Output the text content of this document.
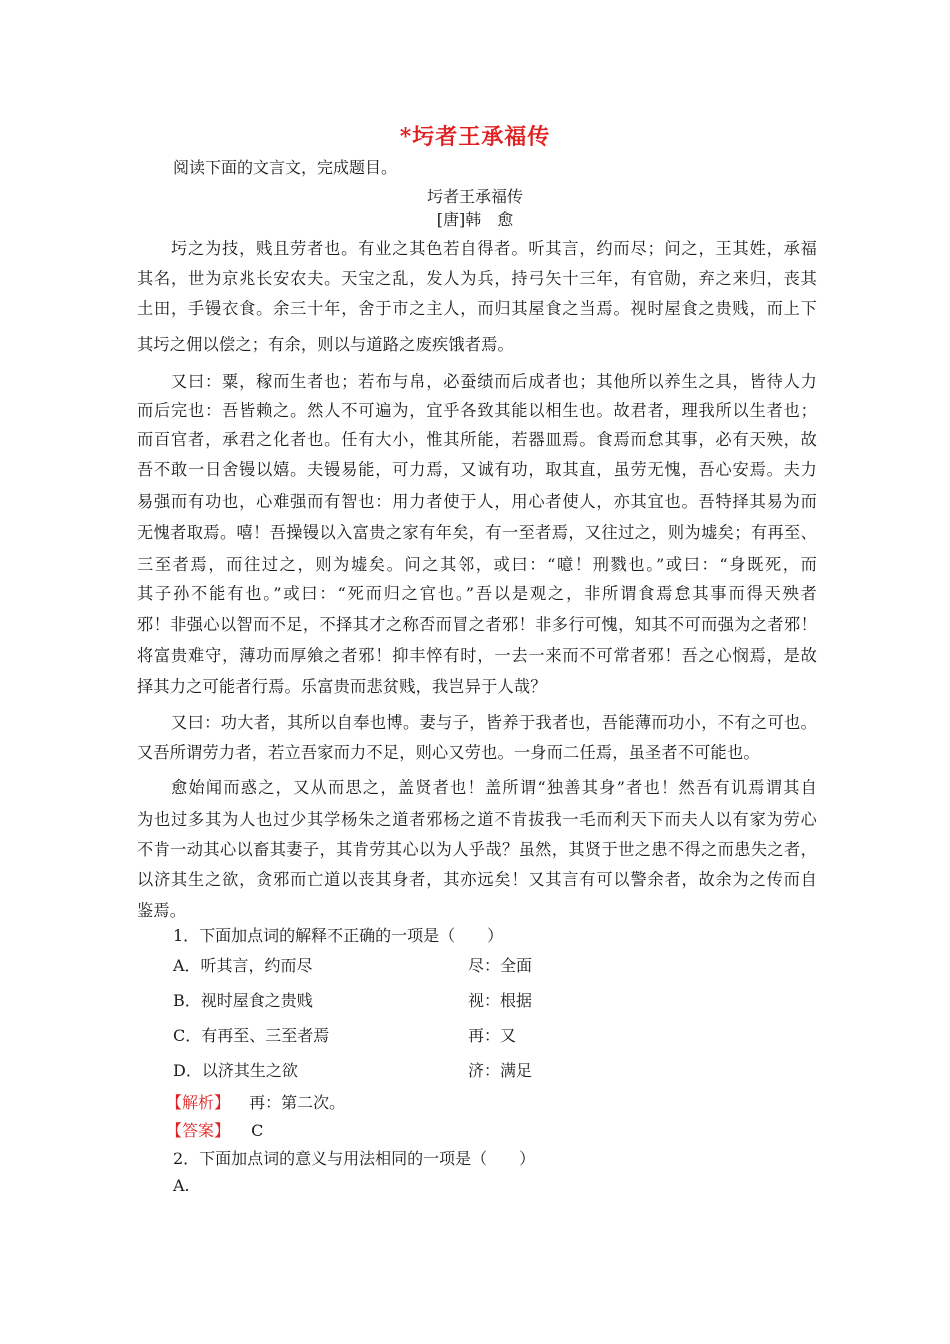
*圬者王承福传
阅读下面的文言文，完成题目。
圬者王承福传
[唐]韩　愈
圬之为技，贱且劳者也。有业之其色若自得者。听其言，约而尽；问之，王其姓，承福
其名，世为京兆长安农夫。天宝之乱，发人为兵，持弓矢十三年，有官勋，弃之来归，丧其
土田，手镘衣食。余三十年，舍于市之主人，而归其屋食之当焉。视时屋食之贵贱，而上下
其圬之佣以偿之；有余，则以与道路之废疾饿者焉。
又曰：粟，稼而生者也；若布与帛，必蚕绩而后成者也；其他所以养生之具，皆待人力
而后完也：吾皆赖之。然人不可遍为，宜乎各致其能以相生也。故君者，理我所以生者也；
而百官者，承君之化者也。任有大小，惟其所能，若器皿焉。食焉而怠其事，必有天殃，故
吾不敢一日舍镘以嬉。夫镘易能，可力焉，又诚有功，取其直，虽劳无愧，吾心安焉。夫力
易强而有功也，心难强而有智也：用力者使于人，用心者使人，亦其宜也。吾特择其易为而
无愧者取焉。嘻！吾操镘以入富贵之家有年矣，有一至者焉，又往过之，则为墟矣；有再至、
三至者焉，而往过之，则为墟矣。问之其邻，或曰：“噫！刑戮也。”或曰：“身既死，而
其子孙不能有也。”或曰：“死而归之官也。”吾以是观之，非所谓食焉怠其事而得天殃者
邪！非强心以智而不足，不择其才之称否而冒之者邪！非多行可愧，知其不可而强为之者邪！
将富贵难守，薄功而厚飨之者邪！抑丰悴有时，一去一来而不可常者邪！吾之心悯焉，是故
择其力之可能者行焉。乐富贵而悲贫贱，我岂异于人哉？
又曰：功大者，其所以自奉也博。妻与子，皆养于我者也，吾能薄而功小，不有之可也。
又吾所谓劳力者，若立吾家而力不足，则心又劳也。一身而二任焉，虽圣者不可能也。
愈始闻而惑之，又从而思之，盖贤者也！盖所谓“独善其身”者也！然吾有讥焉谓其自
为也过多其为人也过少其学杨朱之道者邪杨之道不肯拔我一毛而利天下而夫人以有家为劳心
不肯一动其心以畜其妻子，其肯劳其心以为人乎哉？虽然，其贤于世之患不得之而患失之者，
以济其生之欲，贪邪而亡道以丧其身者，其亦远矣！又其言有可以警余者，故余为之传而自
鉴焉。
1．下面加点词的解释不正确的一项是（　　）
A．听其言，约而尽	尽：全面
B．视时屋食之贵贱	视：根据
C．有再至、三至者焉	再：又
D．以济其生之欲	济：满足
【解析】 再：第二次。
【答案】 C
2．下面加点词的意义与用法相同的一项是（　　）
A.
